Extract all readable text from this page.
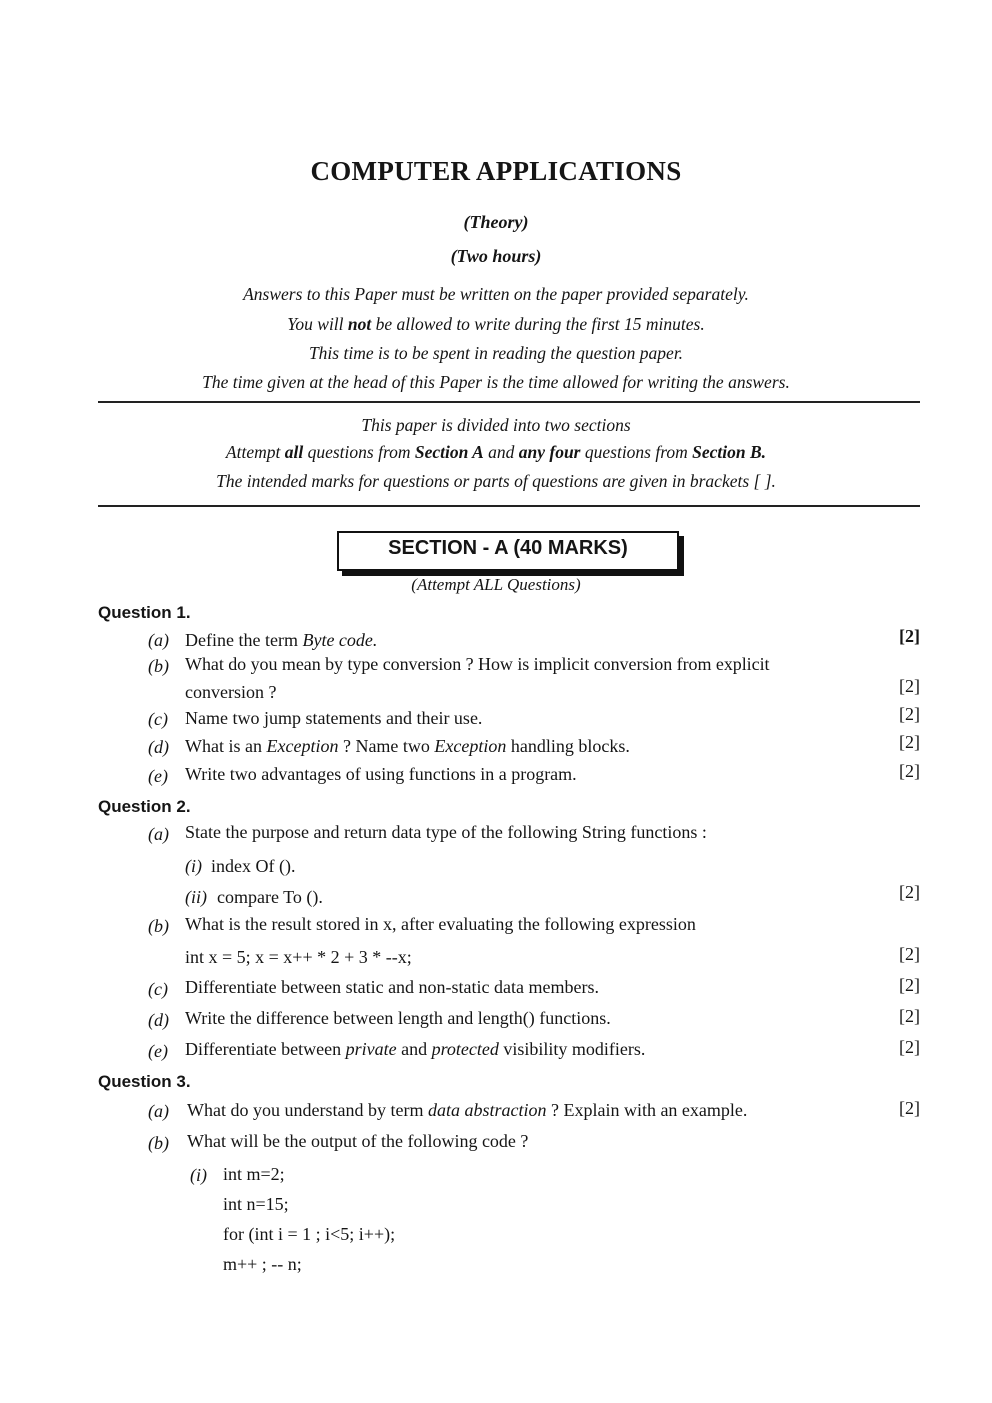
COMPUTER APPLICATIONS
(Theory)
(Two hours)
Answers to this Paper must be written on the paper provided separately.
You will not be allowed to write during the first 15 minutes.
This time is to be spent in reading the question paper.
The time given at the head of this Paper is the time allowed for writing the answers.
This paper is divided into two sections
Attempt all questions from Section A and any four questions from Section B.
The intended marks for questions or parts of questions are given in brackets [ ].
SECTION - A (40 MARKS)
(Attempt ALL Questions)
Question 1.
(a) Define the term Byte code.	[2]
(b) What do you mean by type conversion ? How is implicit conversion from explicit
conversion ?	[2]
(c) Name two jump statements and their use.	[2]
(d) What is an Exception ? Name two Exception handling blocks.	[2]
(e) Write two advantages of using functions in a program.	[2]
Question 2.
(a) State the purpose and return data type of the following String functions :
(i) index Of ().
(ii) compare To ().	[2]
(b) What is the result stored in x, after evaluating the following expression
int x = 5; x = x++ * 2 + 3 * --x;	[2]
(c) Differentiate between static and non-static data members.	[2]
(d) Write the difference between length and length() functions.	[2]
(e) Differentiate between private and protected visibility modifiers.	[2]
Question 3.
(a) What do you understand by term data abstraction ? Explain with an example.	[2]
(b) What will be the output of the following code ?
(i) int m=2;
int n=15;
for (int i = 1 ; i<5; i++);
m++ ; -- n;
